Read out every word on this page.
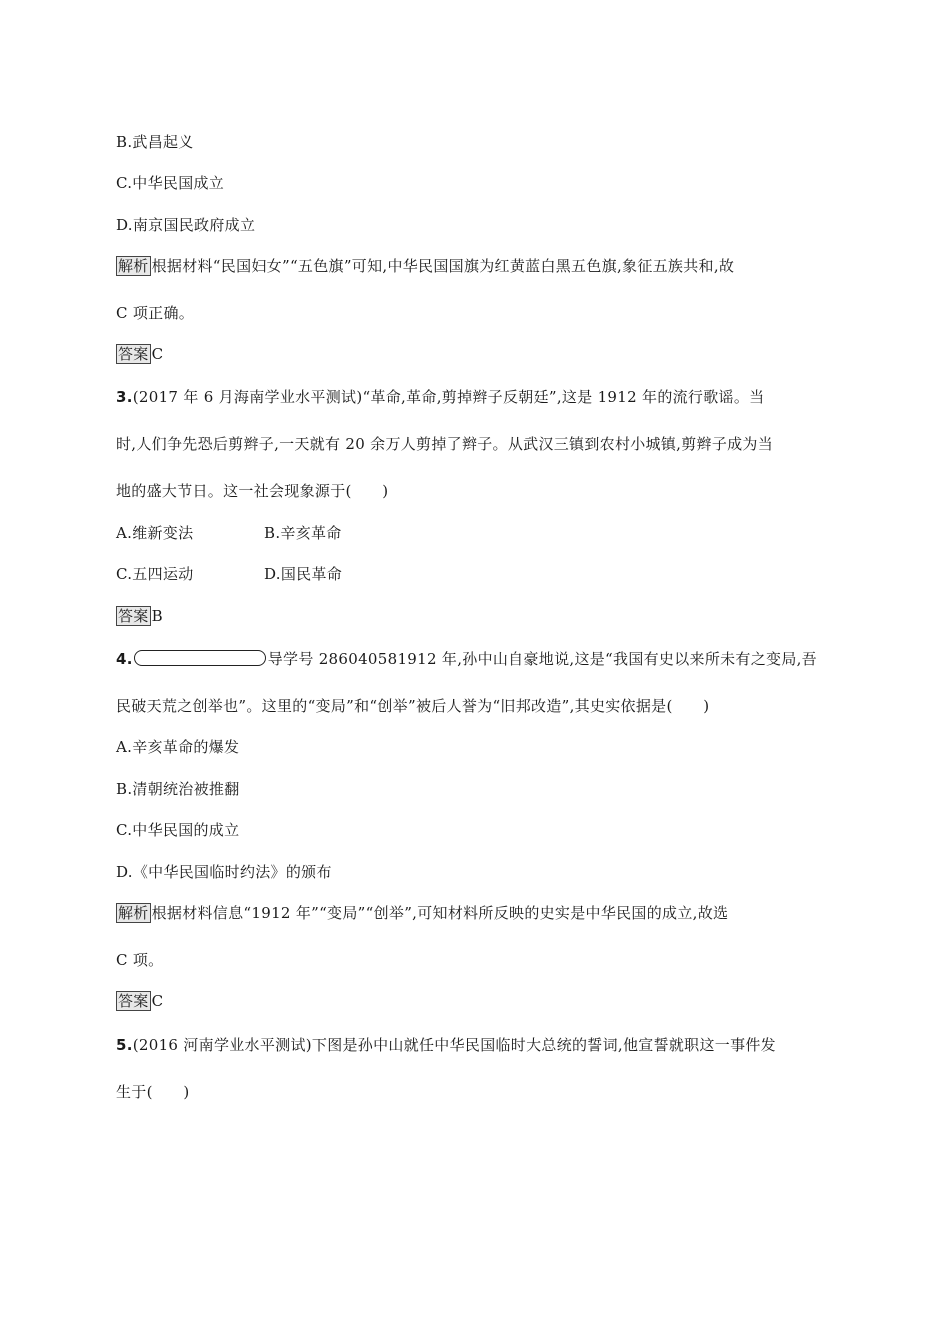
B.武昌起义
C.中华民国成立
D.南京国民政府成立
解析 根据材料“民国妇女”“五色旗”可知,中华民国国旗为红黄蓝白黑五色旗,象征五族共和,故
C 项正确。
答案 C
3.(2017 年 6 月海南学业水平测试)“革命,革命,剪掉辫子反朝廷”,这是 1912 年的流行歌谣。当
时,人们争先恐后剪辫子,一天就有 20 余万人剪掉了辫子。从武汉三镇到农村小城镇,剪辫子成为当
地的盛大节日。这一社会现象源于(　　)
A.维新变法	B.辛亥革命
C.五四运动	D.国民革命
答案 B
4.	导学号 286040581912 年,孙中山自豪地说,这是“我国有史以来所未有之变局,吾
民破天荒之创举也”。这里的“变局”和“创举”被后人誉为“旧邦改造”,其史实依据是(　　)
A.辛亥革命的爆发
B.清朝统治被推翻
C.中华民国的成立
D.《中华民国临时约法》的颁布
解析 根据材料信息“1912 年”“变局”“创举”,可知材料所反映的史实是中华民国的成立,故选
C 项。
答案 C
5.(2016 河南学业水平测试)下图是孙中山就任中华民国临时大总统的誓词,他宣誓就职这一事件发
生于(　　)
